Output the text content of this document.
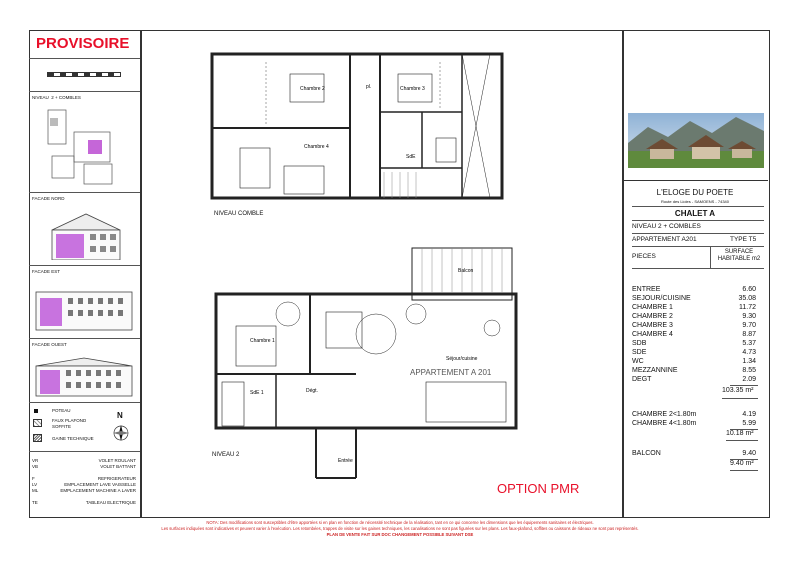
PROVISOIRE
NIVEAU 2 + COMBLES
FACADE NORD
FACADE EST
FACADE OUEST
POTEAU
FAUX PLAFOND
SOFFITE
GAINE TECHNIQUE
N
VR	VOLET ROULANT
VB	VOLET BATTANT
F	REFRIGERATEUR
LV	EMPLACEMENT LAVE VAISSELLE
ML	EMPLACEMENT MACHINE A LAVER
TE	TABLEAU ELECTRIQUE
Chambre 2	Chambre 3
Chambre 4
SdE
pl.
NIVEAU COMBLE
Balcon
Chambre 1
Séjour/cuisine
Dégt.
SdE 1
Entrée
APPARTEMENT A 201
NIVEAU 2
OPTION PMR
NOTA: Des modifications sont susceptibles d'être apportées si en plan en fonction de nécessité technique de la réalisation, tant en ce qui concerne les dimensions que les équipements sanitaires et électriques.
Les surfaces indiquées sont indicatives et peuvent varier à l'exécution. Les retombées, trappes de visite sur les gaines techniques, les canalisations ne sont pas figurées sur les plans. Les faux-plafond, soffites ou caissons de rideaux ne sont pas représentés.
PLAN DE VENTE FAIT SUR DOC CHANGEMENT POSSIBLE SUIVANT DSE
L'ELOGE DU POETE
Route des Lioles - SAMOENS - 74340
CHALET A
NIVEAU 2 + COMBLES
APPARTEMENT A201	TYPE T5
PIECES
SURFACE
HABITABLE m2
ENTREE	6.60
SEJOUR/CUISINE	35.08
CHAMBRE 1	11.72
CHAMBRE 2	9.30
CHAMBRE 3	9.70
CHAMBRE 4	8.87
SDB	5.37
SDE	4.73
WC	1.34
MEZZANNINE	8.55
DEGT	2.09
103.35 m²
CHAMBRE 2<1.80m	4.19
CHAMBRE 4<1.80m	5.99
10.18 m²
BALCON	9.40
9.40 m²
